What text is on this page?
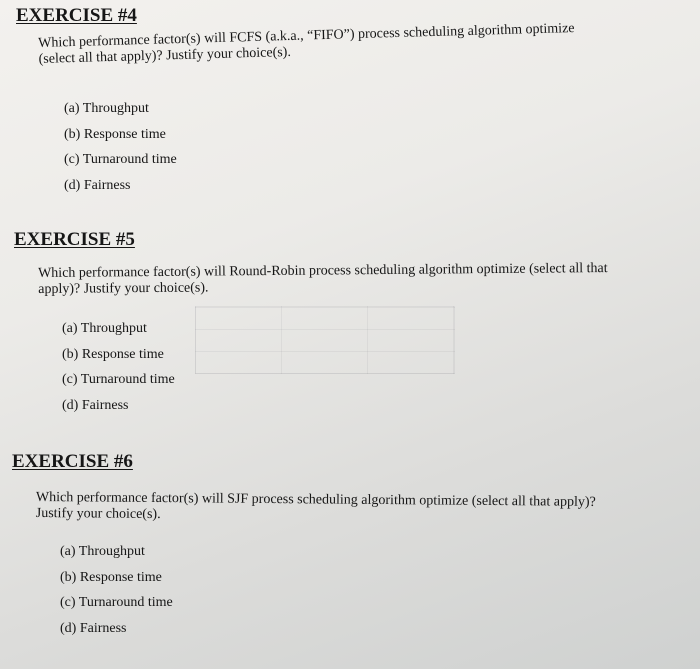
EXERCISE #4

Which performance factor(s) will FCFS (a.k.a., “FIFO”) process scheduling algorithm optimize
(select all that apply)? Justify your choice(s).

(a) Throughput
(b) Response time
(c) Turnaround time
(d) Fairness
EXERCISE #5

Which performance factor(s) will Round-Robin process scheduling algorithm optimize (select all that
apply)? Justify your choice(s).

(a) Throughput
(b) Response time
(c) Turnaround time
(d) Fairness
EXERCISE #6

Which performance factor(s) will SJF process scheduling algorithm optimize (select all that apply)?
Justify your choice(s).

(a) Throughput
(b) Response time
(c) Turnaround time
(d) Fairness
